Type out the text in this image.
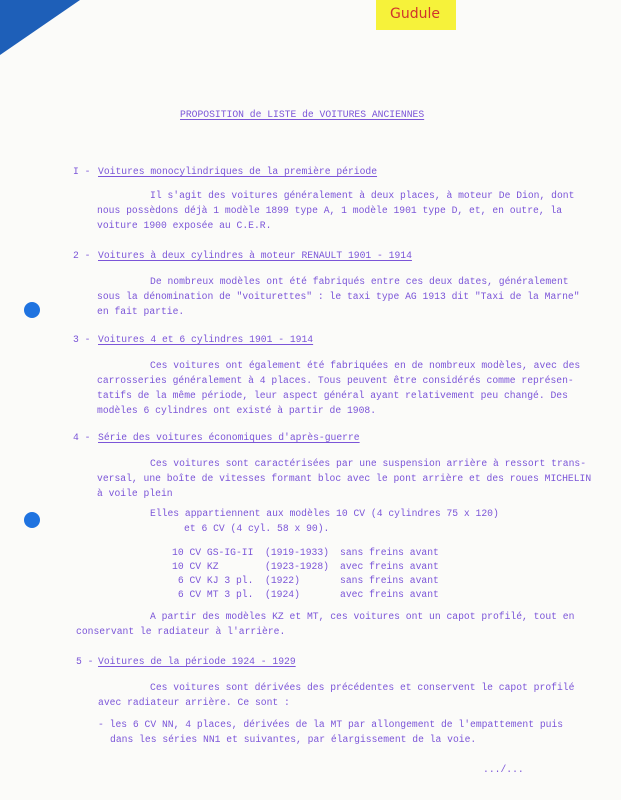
Gudule
PROPOSITION de LISTE de VOITURES ANCIENNES
I - Voitures monocylindriques de la première période
Il s'agit des voitures généralement à deux places, à moteur De Dion, dont
nous possèdons déjà 1 modèle 1899 type A, 1 modèle 1901 type D, et, en outre, la
voiture 1900 exposée au C.E.R.
2 - Voitures à deux cylindres à moteur RENAULT 1901 - 1914
De nombreux modèles ont été fabriqués entre ces deux dates, généralement
sous la dénomination de "voiturettes" : le taxi type AG 1913 dit "Taxi de la Marne"
en fait partie.
3 - Voitures 4 et 6 cylindres 1901 - 1914
Ces voitures ont également été fabriquées en de nombreux modèles, avec des
carrosseries généralement à 4 places. Tous peuvent être considérés comme représen-
tatifs de la même période, leur aspect général ayant relativement peu changé. Des
modèles 6 cylindres ont existé à partir de 1908.
4 - Série des voitures économiques d'après-guerre
Ces voitures sont caractérisées par une suspension arrière à ressort trans-
versal, une boîte de vitesses formant bloc avec le pont arrière et des roues MICHELIN
à voile plein
Elles appartiennent aux modèles 10 CV (4 cylindres 75 x 120)
et 6 CV (4 cyl. 58 x 90).
10 CV GS-IG-II (1919-1933) sans freins avant
10 CV KZ	(1923-1928) avec freins avant
6 CV KJ 3 pl. (1922)	sans freins avant
6 CV MT 3 pl. (1924)	avec freins avant
A partir des modèles KZ et MT, ces voitures ont un capot profilé, tout en
conservant le radiateur à l'arrière.
5 - Voitures de la période 1924 - 1929
Ces voitures sont dérivées des précédentes et conservent le capot profilé
avec radiateur arrière. Ce sont :
- les 6 CV NN, 4 places, dérivées de la MT par allongement de l'empattement puis
dans les séries NN1 et suivantes, par élargissement de la voie.
.../...
